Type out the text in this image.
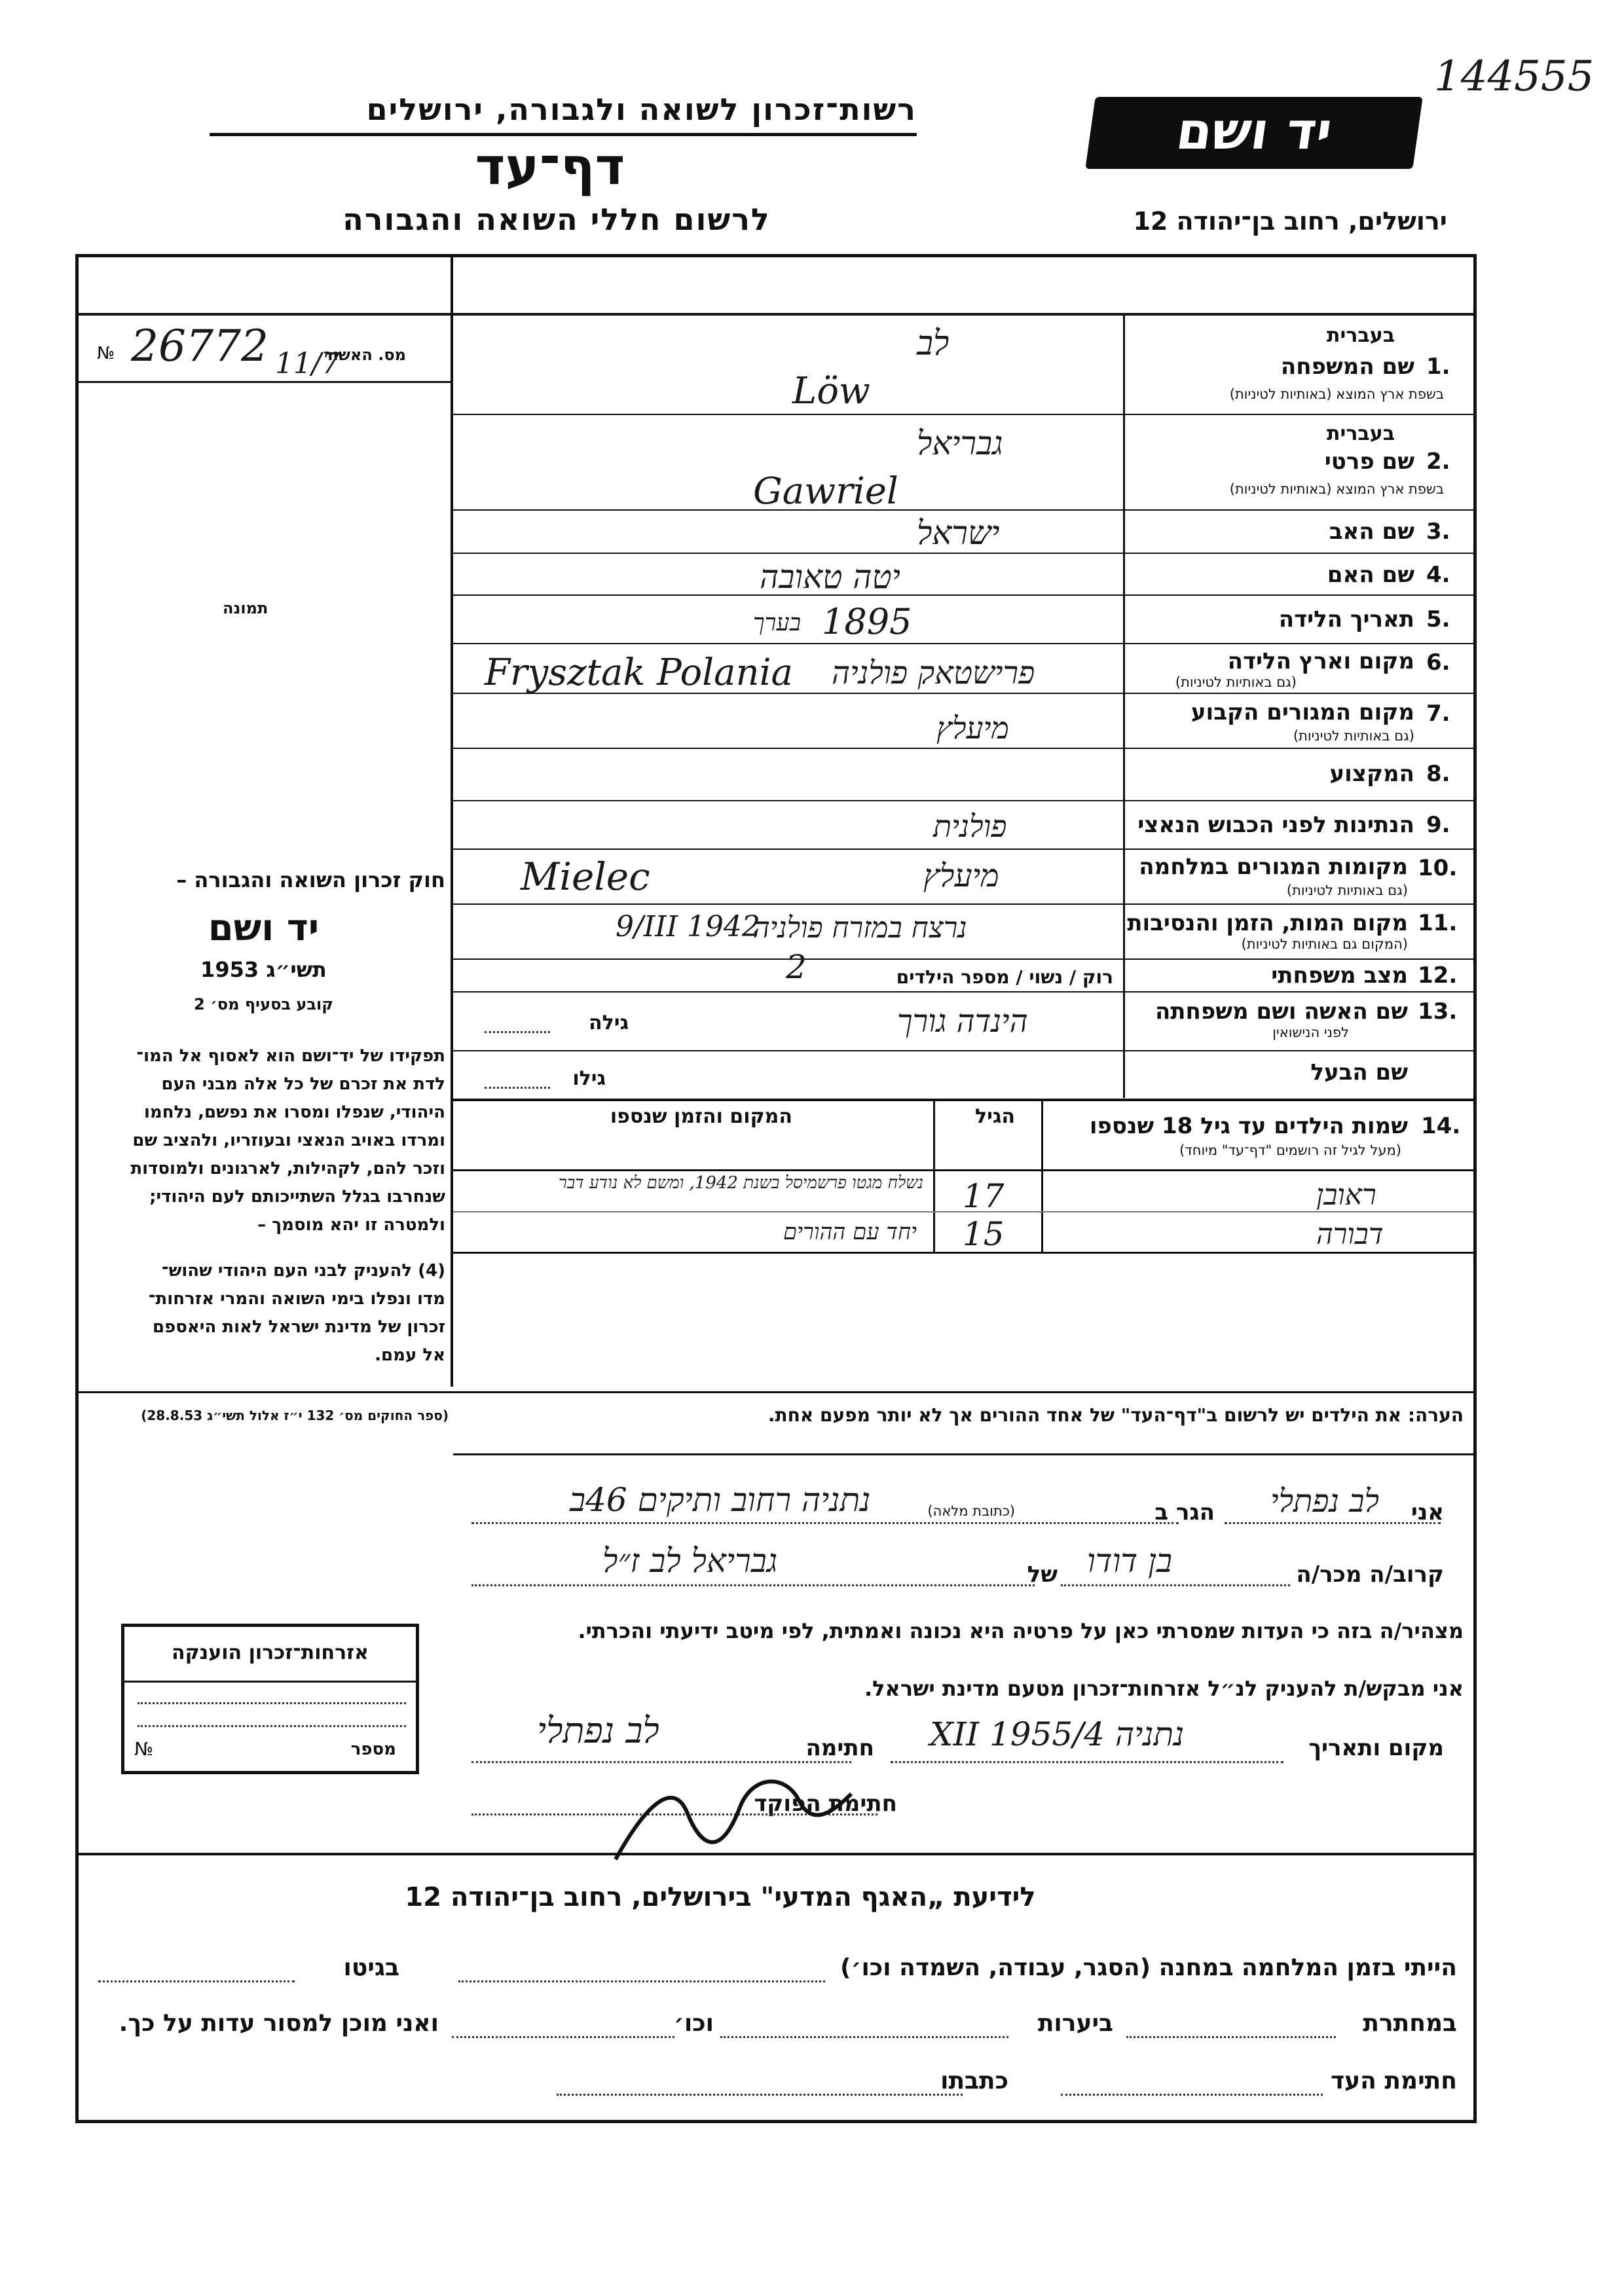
144555
יד ושם
רשות־זכרון לשואה ולגבורה, ירושלים
דף־עד
לרשום חללי השואה והגבורה	ירושלים, רחוב בן־יהודה 12
מס. האשור
№ 26772 11/7
תמונה
חוק זכרון השואה והגבורה –
יד ושם
תשי״ג 1953
קובע בסעיף מס׳ 2
תפקידו של יד־ושם הוא לאסוף אל המו־
לדת את זכרם של כל אלה מבני העם
היהודי, שנפלו ומסרו את נפשם, נלחמו
ומרדו באויב הנאצי ובעוזריו, ולהציב שם
וזכר להם, לקהילות, לארגונים ולמוסדות
שנחרבו בגלל השתייכותם לעם היהודי;
ולמטרה זו יהא מוסמך –
(4) להעניק לבני העם היהודי שהוש־
מדו ונפלו בימי השואה והמרי אזרחות־
זכרון של מדינת ישראל לאות היאספם
אל עמם.
(ספר החוקים מס׳ 132 י״ז אלול תשי״ג 28.8.53)
בעברית
1.
שם המשפחה
בשפת ארץ המוצא (באותיות לטיניות)
לב
Löw
בעברית
2.
שם פרטי
בשפת ארץ המוצא (באותיות לטיניות)
גבריאל
Gawriel
3.
שם האב
ישראל
4.
שם האם
יטה טאובה
5.
תאריך הלידה
1895
בערך
6.
מקום וארץ הלידה
(גם באותיות לטיניות)
Frysztak Polania פרישטאק פולניה
7.
מקום המגורים הקבוע
(גם באותיות לטיניות)
מיעלץ
8.
המקצוע
9.
הנתינות לפני הכבוש הנאצי
פולנית
10.
מקומות המגורים במלחמה
(גם באותיות לטיניות)
Mielec	מיעלץ
11.
מקום המות, הזמן והנסיבות
(המקום גם באותיות לטיניות)
9/III 1942
נרצח במזרח פולניה
12.
מצב משפחתי
רוק / נשוי / מספר הילדים
2
13.
שם האשה ושם משפחתה
לפני הנישואין
הינדה גורך
גילה
שם הבעל
גילו
14.
שמות הילדים עד גיל 18 שנספו
(מעל לגיל זה רושמים "דף־עד" מיוחד)
הגיל
המקום והזמן שנספו
ראובן
17
נשלח מגטו פרשמיסל בשנת 1942, ומשם לא נודע דבר
דבורה
15
יחד עם ההורים
הערה: את הילדים יש לרשום ב"דף־העד" של אחד ההורים אך לא יותר מפעם אחת.
אני
לב נפתלי
הגר ב
(כתובת מלאה)
נתניה רחוב ותיקים 46ב
קרוב/ה מכר/ה
בן דודו
של
גבריאל לב ז״ל
מצהיר/ה בזה כי העדות שמסרתי כאן על פרטיה היא נכונה ואמתית, לפי מיטב ידיעתי והכרתי.
אני מבקש/ת להעניק לנ״ל אזרחות־זכרון מטעם מדינת ישראל.
מקום ותאריך
נתניה 4/XII 1955
חתימה
לב נפתלי
חתימת הפוקד
אזרחות־זכרון הוענקה
מספר
№
לידיעת „האגף המדעי" בירושלים, רחוב בן־יהודה 12
הייתי בזמן המלחמה במחנה (הסגר, עבודה, השמדה וכו׳)
בגיטו
במחתרת
ביערות
וכו׳
ואני מוכן למסור עדות על כך.
חתימת העד
כתבתו
